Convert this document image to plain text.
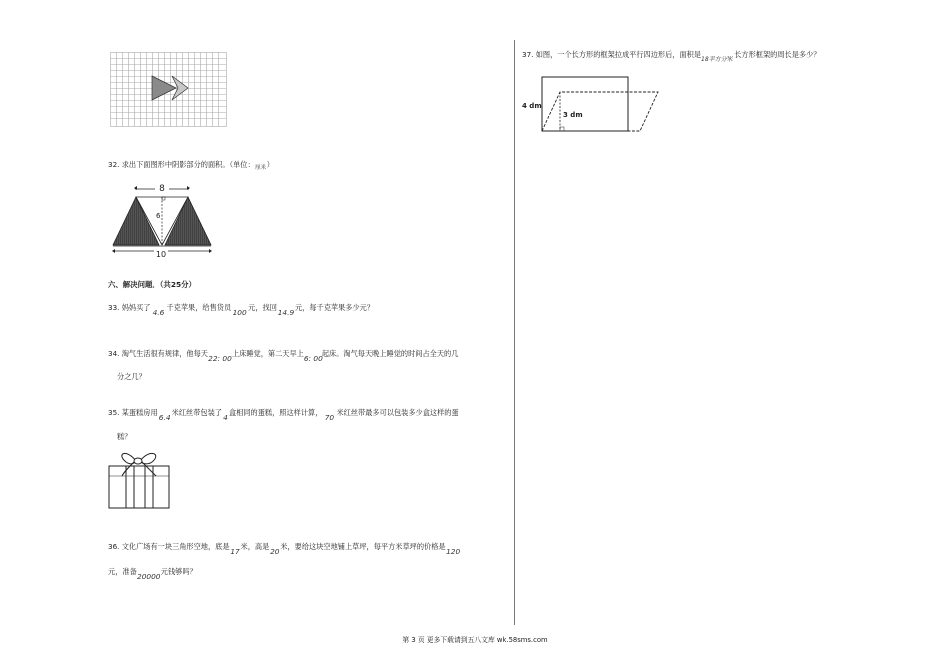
32. 求出下面图形中阴影部分的面积。（单位： 厘米 ）
8
6
10
六、解决问题．（共25分）
33. 妈妈买了
4.6
千克苹果，给售货员
100
元，找回
14.9
元，每千克苹果多少元？
34. 淘气生活很有规律，他每天
22: 00
上床睡觉，第二天早上
6: 00
起床。淘气每天晚上睡觉的时间占全天的几
分之几？
35. 某蛋糕房用
6.4
米红丝带包装了
4
盒相同的蛋糕，照这样计算，
70
米红丝带最多可以包装多少盒这样的蛋
糕？
36. 文化广场有一块三角形空地，底是
17
米，高是
20
米，要给这块空地铺上草坪，每平方米草坪的价格是
120
元，准备
20000
元钱够吗？
37. 如图，一个长方形的框架拉成平行四边形后，面积是
18平方分米
，长方形框架的周长是多少？
4 dm
3 dm
第 3 页 更多下载请到五八文库 wk.58sms.com
